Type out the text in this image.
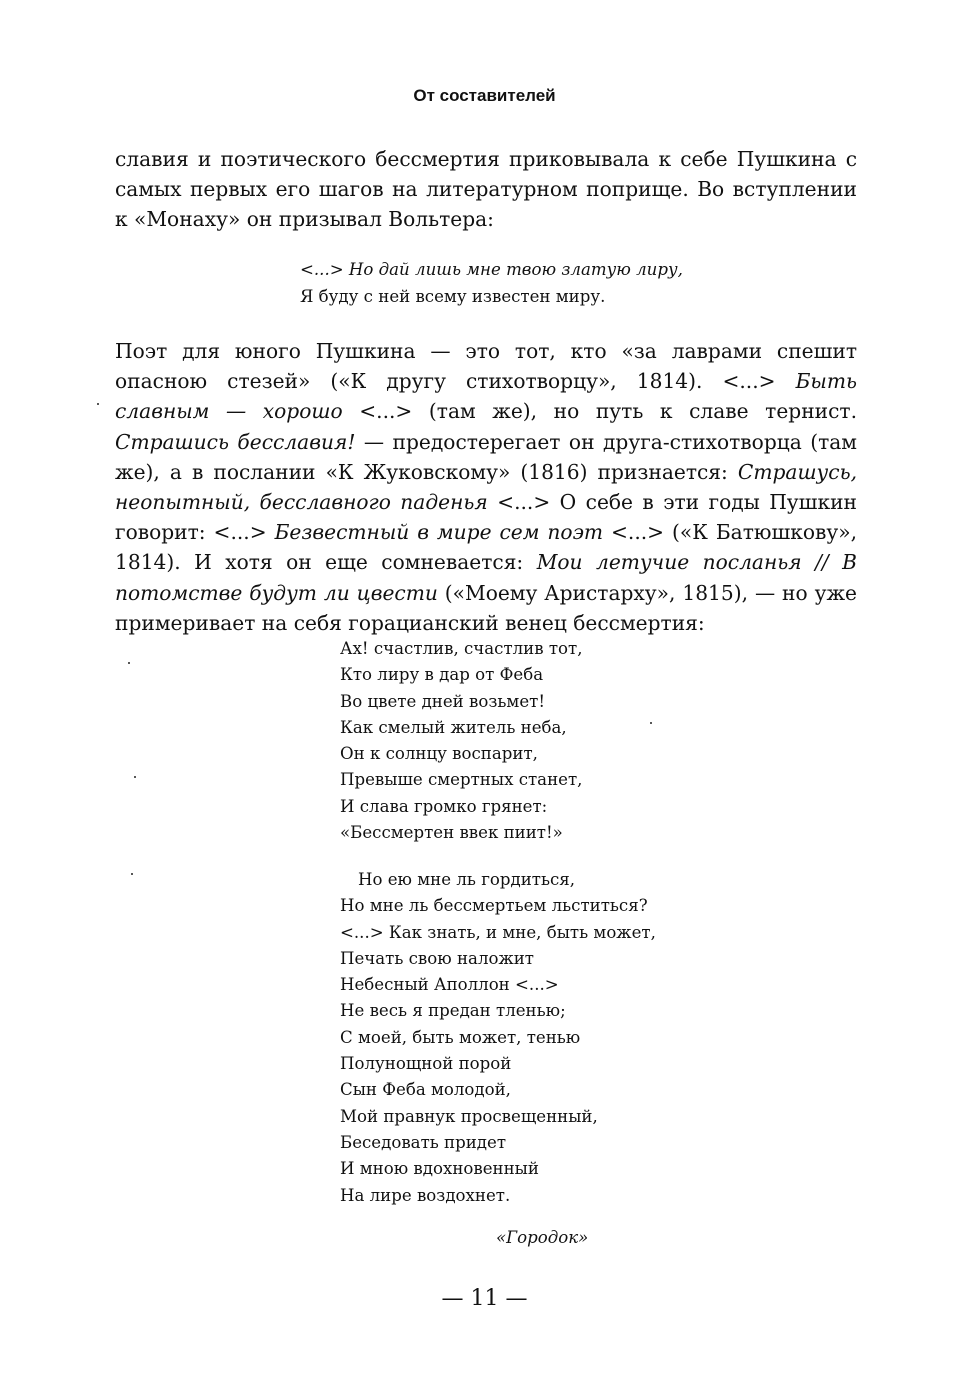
От составителей

славия и поэтического бессмертия приковывала к себе Пушкина с самых первых его шагов на литературном поприще. Во вступлении к «Монаху» он призывал Вольтера:

<...> Но дай лишь мне твою златую лиру,
Я буду с ней всему известен миру.

Поэт для юного Пушкина — это тот, кто «за лаврами спешит опасною стезей» («К другу стихотворцу», 1814). <...> Быть славным — хорошо <...> (там же), но путь к славе тернист. Страшись бесславия! — предостерегает он друга-стихотворца (там же), а в послании «К Жуковскому» (1816) признается: Страшусь, неопытный, бесславного паденья <...> О себе в эти годы Пушкин говорит: <...> Безвестный в мире сем поэт <...> («К Батюшкову», 1814). И хотя он еще сомневается: Мои летучие посланья // В потомстве будут ли цвести («Моему Аристарху», 1815), — но уже примеривает на себя горацианский венец бессмертия:

Ах! счастлив, счастлив тот,
Кто лиру в дар от Феба
Во цвете дней возьмет!
Как смелый житель неба,
Он к солнцу воспарит,
Превыше смертных станет,
И слава громко грянет:
«Бессмертен ввек пиит!»
Но ею мне ль гордиться,
Но мне ль бессмертьем льститься?
<...> Как знать, и мне, быть может,
Печать свою наложит
Небесный Аполлон <...>
Не весь я предан тленью;
С моей, быть может, тенью
Полунощной порой
Сын Феба молодой,
Мой правнук просвещенный,
Беседовать придет
И мною вдохновенный
На лире воздохнет.
«Городок»
— 11 —
